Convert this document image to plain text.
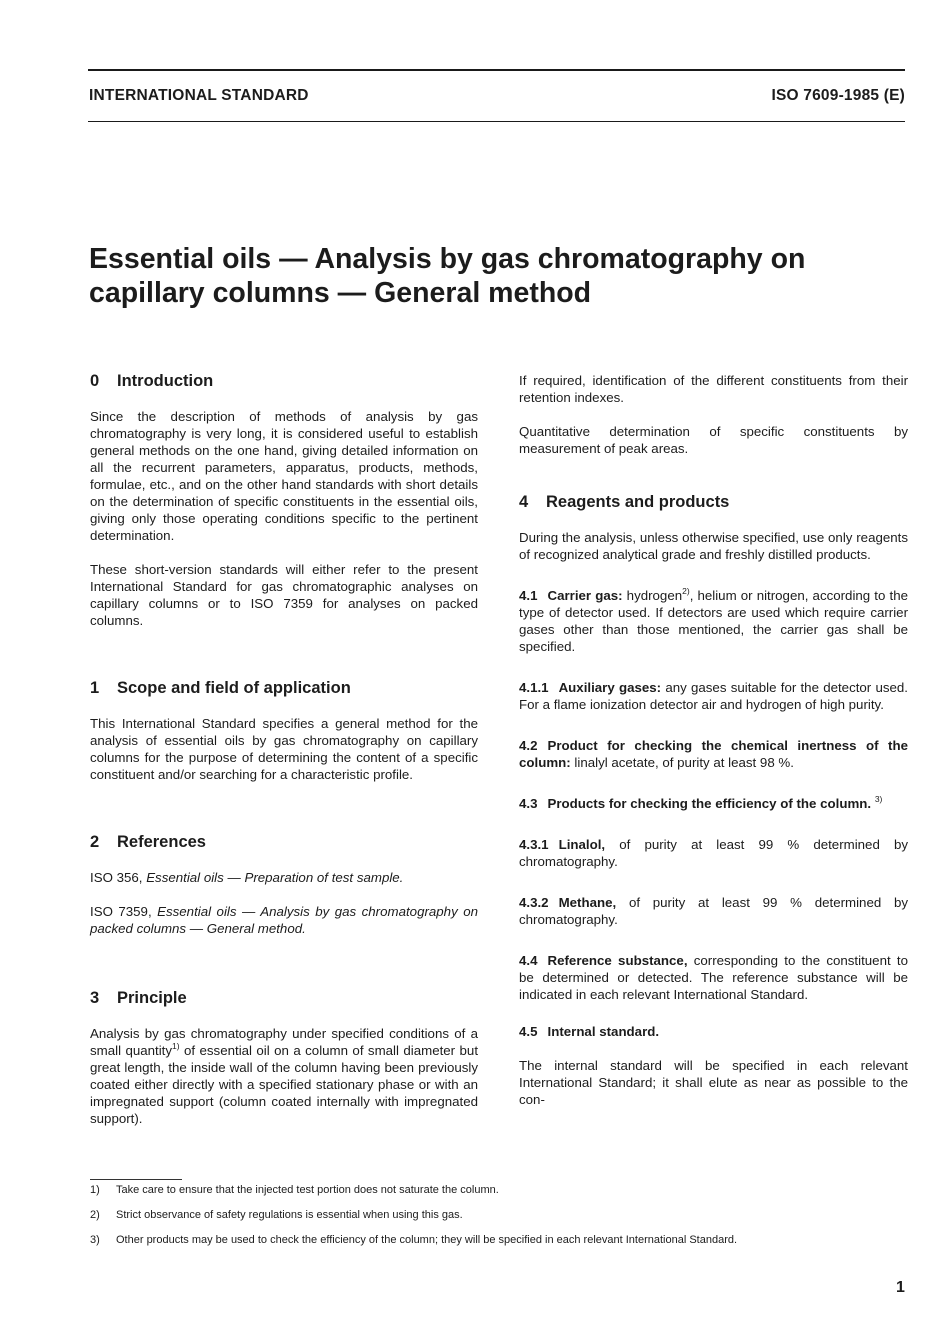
INTERNATIONAL STANDARD	ISO 7609-1985 (E)
Essential oils — Analysis by gas chromatography on
capillary columns — General method
0 Introduction

Since the description of methods of analysis by gas chromatography is very long, it is considered useful to establish general methods on the one hand, giving detailed information on all the recurrent parameters, apparatus, products, methods, formulae, etc., and on the other hand standards with short details on the determination of specific constituents in the essential oils, giving only those operating conditions specific to the pertinent determination.

These short-version standards will either refer to the present International Standard for gas chromatographic analyses on capillary columns or to ISO 7359 for analyses on packed columns.

1 Scope and field of application

This International Standard specifies a general method for the analysis of essential oils by gas chromatography on capillary columns for the purpose of determining the content of a specific constituent and/or searching for a characteristic profile.

2 References

ISO 356, Essential oils — Preparation of test sample.

ISO 7359, Essential oils — Analysis by gas chromatography on packed columns — General method.

3 Principle

Analysis by gas chromatography under specified conditions of a small quantity$^{1)}$ of essential oil on a column of small diameter but great length, the inside wall of the column having been previously coated either directly with a specified stationary phase or with an impregnated support (column coated internally with impregnated support).

If required, identification of the different constituents from their retention indexes.

Quantitative determination of specific constituents by measurement of peak areas.

4 Reagents and products

During the analysis, unless otherwise specified, use only reagents of recognized analytical grade and freshly distilled products.

4.1 Carrier gas: hydrogen$^{2)}$, helium or nitrogen, according to the type of detector used. If detectors are used which require carrier gases other than those mentioned, the carrier gas shall be specified.

4.1.1 Auxiliary gases: any gases suitable for the detector used. For a flame ionization detector air and hydrogen of high purity.

4.2 Product for checking the chemical inertness of the column: linalyl acetate, of purity at least 98 %.

4.3 Products for checking the efficiency of the column. $^{3)}$

4.3.1 Linalol, of purity at least 99 % determined by chromatography.

4.3.2 Methane, of purity at least 99 % determined by chromatography.

4.4 Reference substance, corresponding to the constituent to be determined or detected. The reference substance will be indicated in each relevant International Standard.

4.5 Internal standard.

The internal standard will be specified in each relevant International Standard; it shall elute as near as possible to the con-

1) Take care to ensure that the injected test portion does not saturate the column.
2) Strict observance of safety regulations is essential when using this gas.
3) Other products may be used to check the efficiency of the column; they will be specified in each relevant International Standard.
1
